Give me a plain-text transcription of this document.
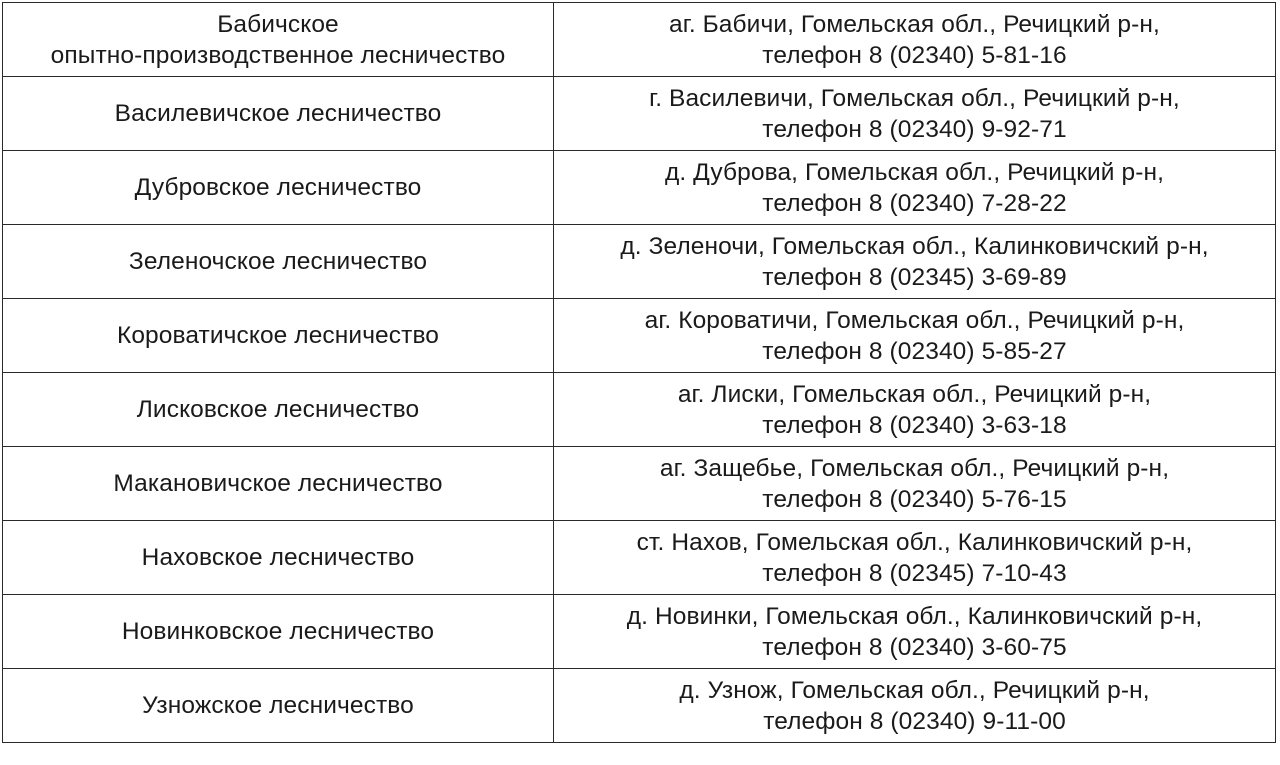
Бабичское
опытно-производственное лесничество	аг. Бабичи, Гомельская обл., Речицкий р-н,
телефон 8 (02340) 5-81-16

Василевичское лесничество	г. Василевичи, Гомельская обл., Речицкий р-н,
телефон 8 (02340) 9-92-71

Дубровское лесничество	д. Дуброва, Гомельская обл., Речицкий р-н,
телефон 8 (02340) 7-28-22

Зеленочское лесничество	д. Зеленочи, Гомельская обл., Калинковичский р-н,
телефон 8 (02345) 3-69-89

Короватичское лесничество	аг. Короватичи, Гомельская обл., Речицкий р-н,
телефон 8 (02340) 5-85-27

Лисковское лесничество	аг. Лиски, Гомельская обл., Речицкий р-н,
телефон 8 (02340) 3-63-18

Макановичское лесничество	аг. Защебье, Гомельская обл., Речицкий р-н,
телефон 8 (02340) 5-76-15

Наховское лесничество	ст. Нахов, Гомельская обл., Калинковичский р-н,
телефон 8 (02345) 7-10-43

Новинковское лесничество	д. Новинки, Гомельская обл., Калинковичский р-н,
телефон 8 (02340) 3-60-75

Узножское лесничество	д. Узнож, Гомельская обл., Речицкий р-н,
телефон 8 (02340) 9-11-00
